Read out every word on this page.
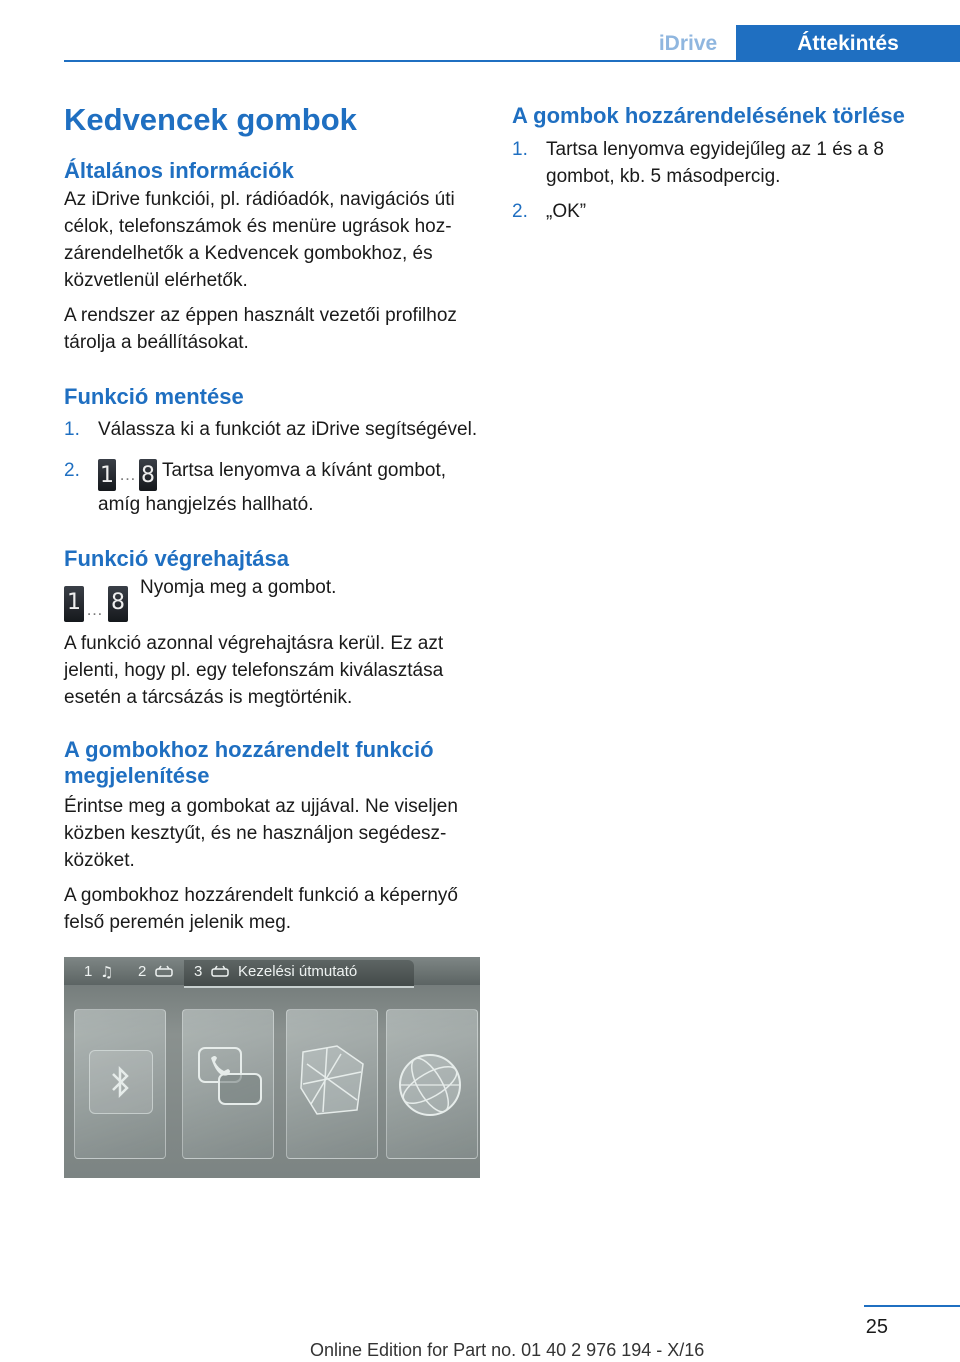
iDrive	Áttekintés
Kedvencek gombok
Általános információk

Az iDrive funkciói, pl. rádióadók, navigációs úti célok, telefonszámok és menüre ugrások hozzárendelhetők a Kedvencek gombokhoz, és közvetlenül elérhetők.

A rendszer az éppen használt vezetői profilhoz tárolja a beállításokat.

Funkció mentése
1. Válassza ki a funkciót az iDrive segítségével.
2. 1 … 8 Tartsa lenyomva a kívánt gombot, amíg hangjelzés hallható.
Funkció végrehajtása
1 … 8
Nyomja meg a gombot.

A funkció azonnal végrehajtásra kerül. Ez azt jelenti, hogy pl. egy telefonszám kiválasztása esetén a tárcsázás is megtörténik.

A gombokhoz hozzárendelt funkció megjelenítése

Érintse meg a gombokat az ujjával. Ne viseljen közben kesztyűt, és ne használjon segédeszközöket.

A gombokhoz hozzárendelt funkció a képernyő felső peremén jelenik meg.

1 ♫ 2	3 Kezelési útmutató
A gombok hozzárendelésének törlése
1. Tartsa lenyomva egyidejűleg az 1 és a 8 gombot, kb. 5 másodpercig.
2. „OK”
25
Online Edition for Part no. 01 40 2 976 194 - X/16
